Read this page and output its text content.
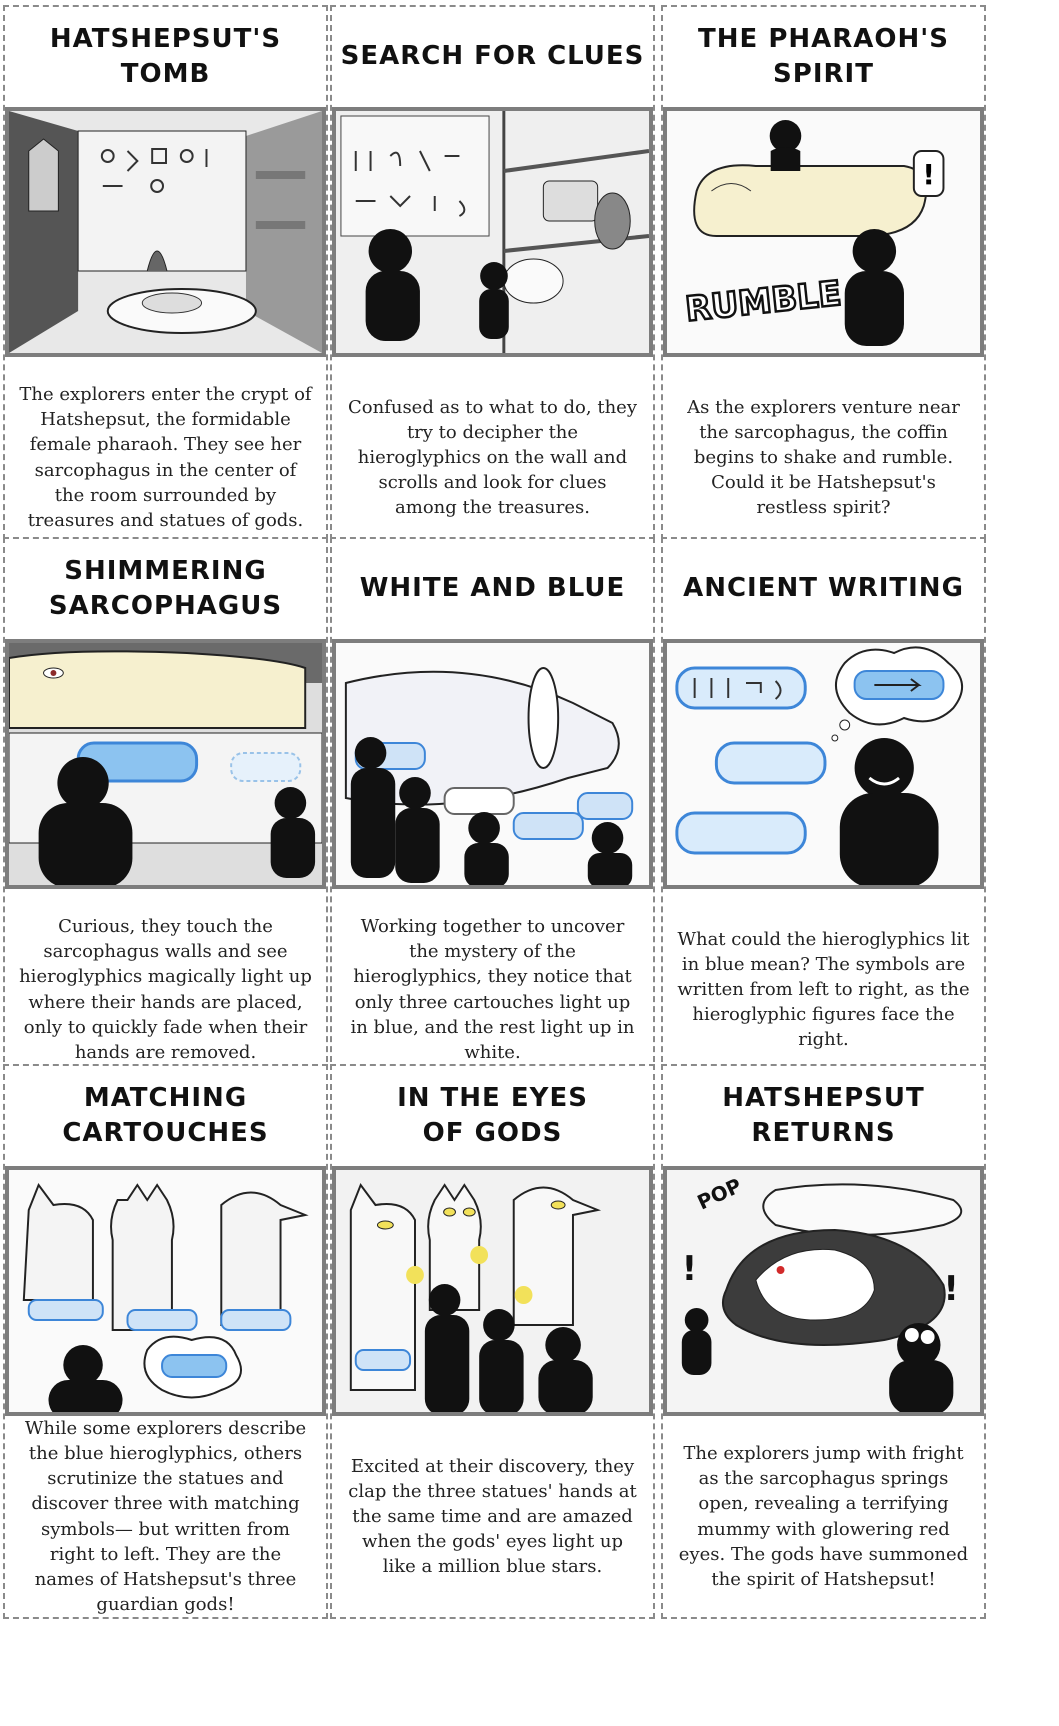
HATSHEPSUT'S TOMB
The explorers enter the crypt of Hatshepsut, the formidable female pharaoh. They see her sarcophagus in the center of the room surrounded by treasures and statues of gods.
SEARCH FOR CLUES
Confused as to what to do, they try to decipher the hieroglyphics on the wall and scrolls and look for clues among the treasures.
THE PHARAOH'S
SPIRIT
!
RUMBLE
As the explorers venture near the sarcophagus, the coffin begins to shake and rumble. Could it be Hatshepsut's restless spirit?
SHIMMERING
SARCOPHAGUS
Curious, they touch the sarcophagus walls and see hieroglyphics magically light up where their hands are placed, only to quickly fade when their hands are removed.
WHITE AND BLUE
Working together to uncover the mystery of the hieroglyphics, they notice that only three cartouches light up in blue, and the rest light up in white.
ANCIENT WRITING
What could the hieroglyphics lit in blue mean? The symbols are written from left to right, as the hieroglyphic figures face the right.
MATCHING
CARTOUCHES
While some explorers describe the blue hieroglyphics, others scrutinize the statues and discover three with matching symbols— but written from right to left. They are the names of Hatshepsut's three guardian gods!
IN THE EYES
OF GODS
Excited at their discovery, they clap the three statues' hands at the same time and are amazed when the gods' eyes light up like a million blue stars.
HATSHEPSUT
RETURNS
POP
!
!
The explorers jump with fright as the sarcophagus springs open, revealing a terrifying mummy with glowering red eyes. The gods have summoned the spirit of Hatshepsut!
